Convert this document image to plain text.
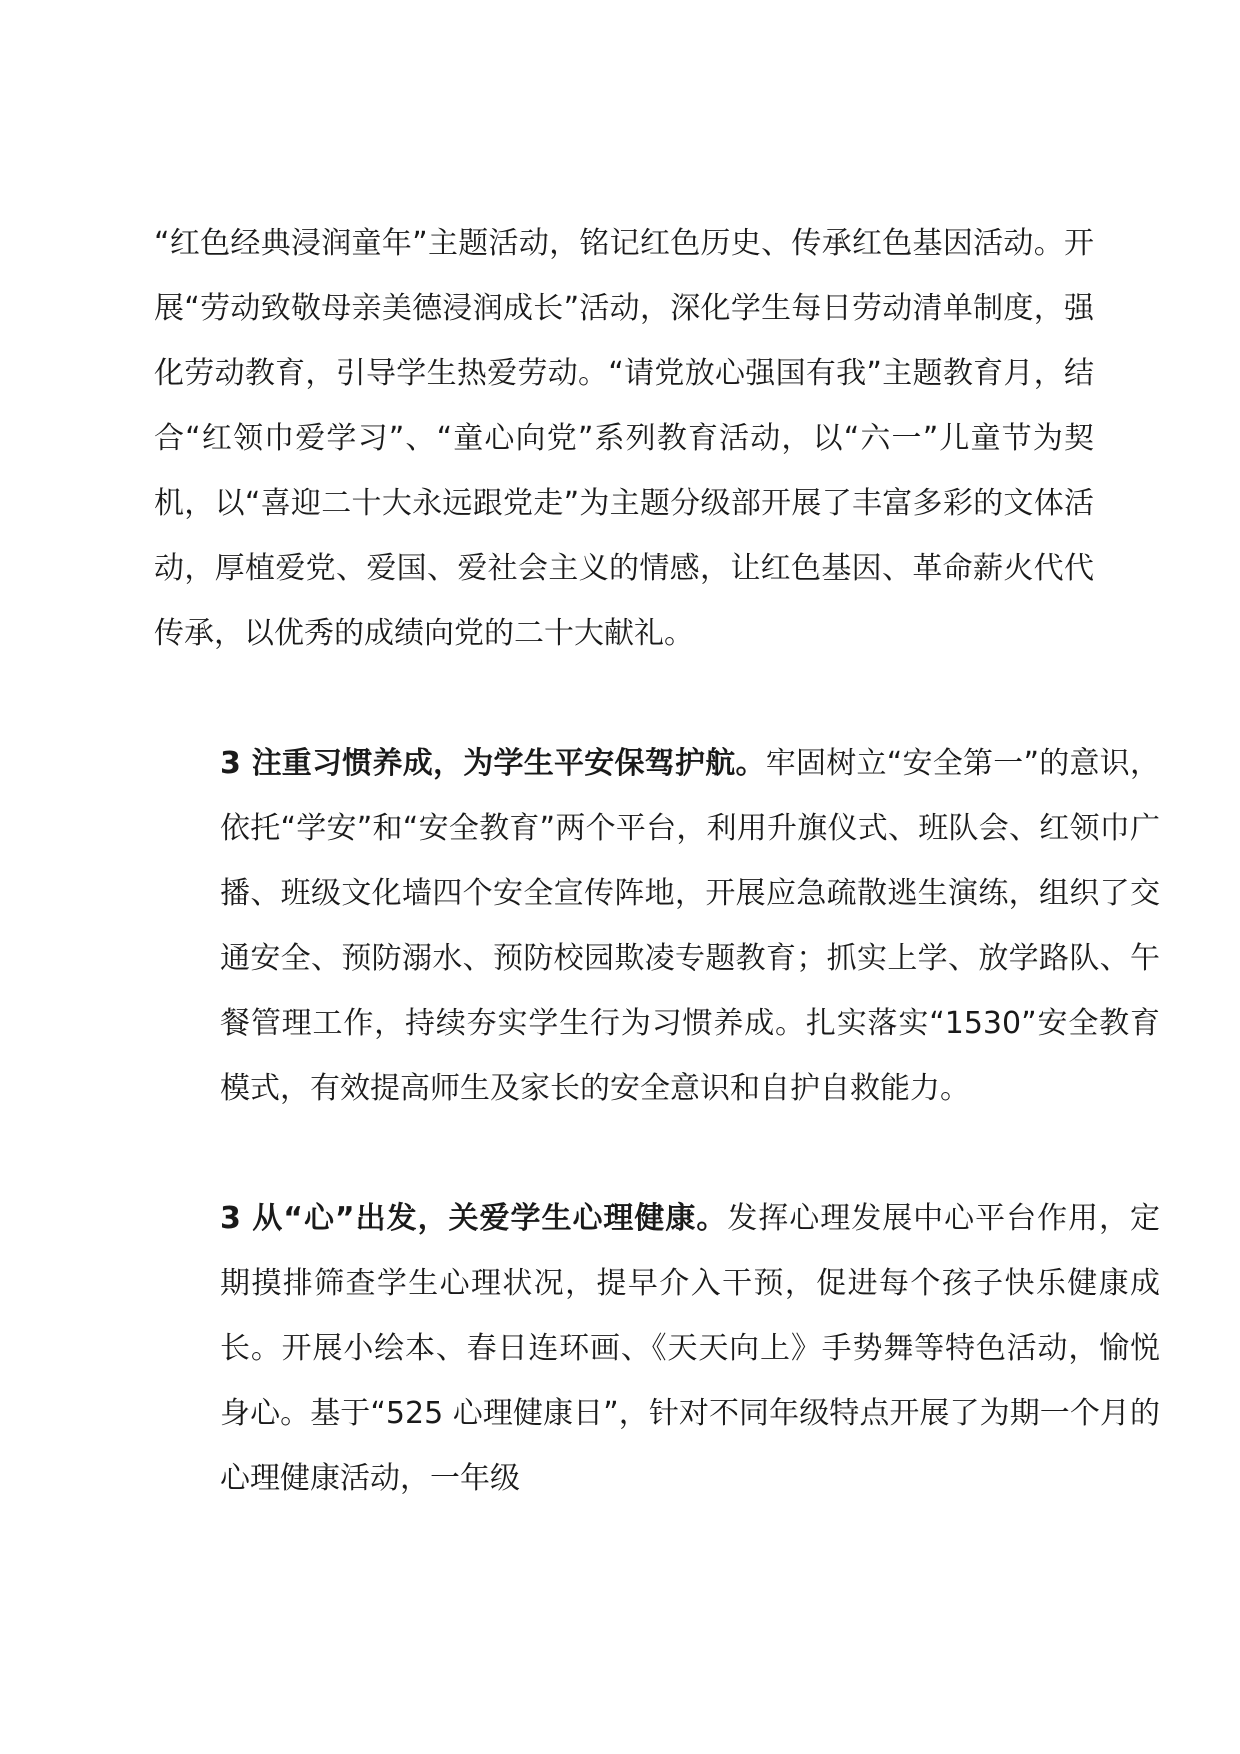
“红色经典浸润童年”主题活动，铭记红色历史、传承红色基因活动。开展“劳动致敬母亲美德浸润成长”活动，深化学生每日劳动清单制度，强化劳动教育，引导学生热爱劳动。“请党放心强国有我”主题教育月，结合“红领巾爱学习”、“童心向党”系列教育活动，以“六一”儿童节为契机，以“喜迎二十大永远跟党走”为主题分级部开展了丰富多彩的文体活动，厚植爱党、爱国、爱社会主义的情感，让红色基因、革命薪火代代传承，以优秀的成绩向党的二十大献礼。

3 注重习惯养成，为学生平安保驾护航。牢固树立“安全第一”的意识，依托“学安”和“安全教育”两个平台，利用升旗仪式、班队会、红领巾广播、班级文化墙四个安全宣传阵地，开展应急疏散逃生演练，组织了交通安全、预防溺水、预防校园欺凌专题教育；抓实上学、放学路队、午餐管理工作，持续夯实学生行为习惯养成。扎实落实“1530”安全教育模式，有效提高师生及家长的安全意识和自护自救能力。

3 从“心”出发，关爱学生心理健康。发挥心理发展中心平台作用，定期摸排筛查学生心理状况，提早介入干预，促进每个孩子快乐健康成长。开展小绘本、春日连环画、《天天向上》手势舞等特色活动，愉悦身心。基于“525 心理健康日”，针对不同年级特点开展了为期一个月的心理健康活动，一年级
